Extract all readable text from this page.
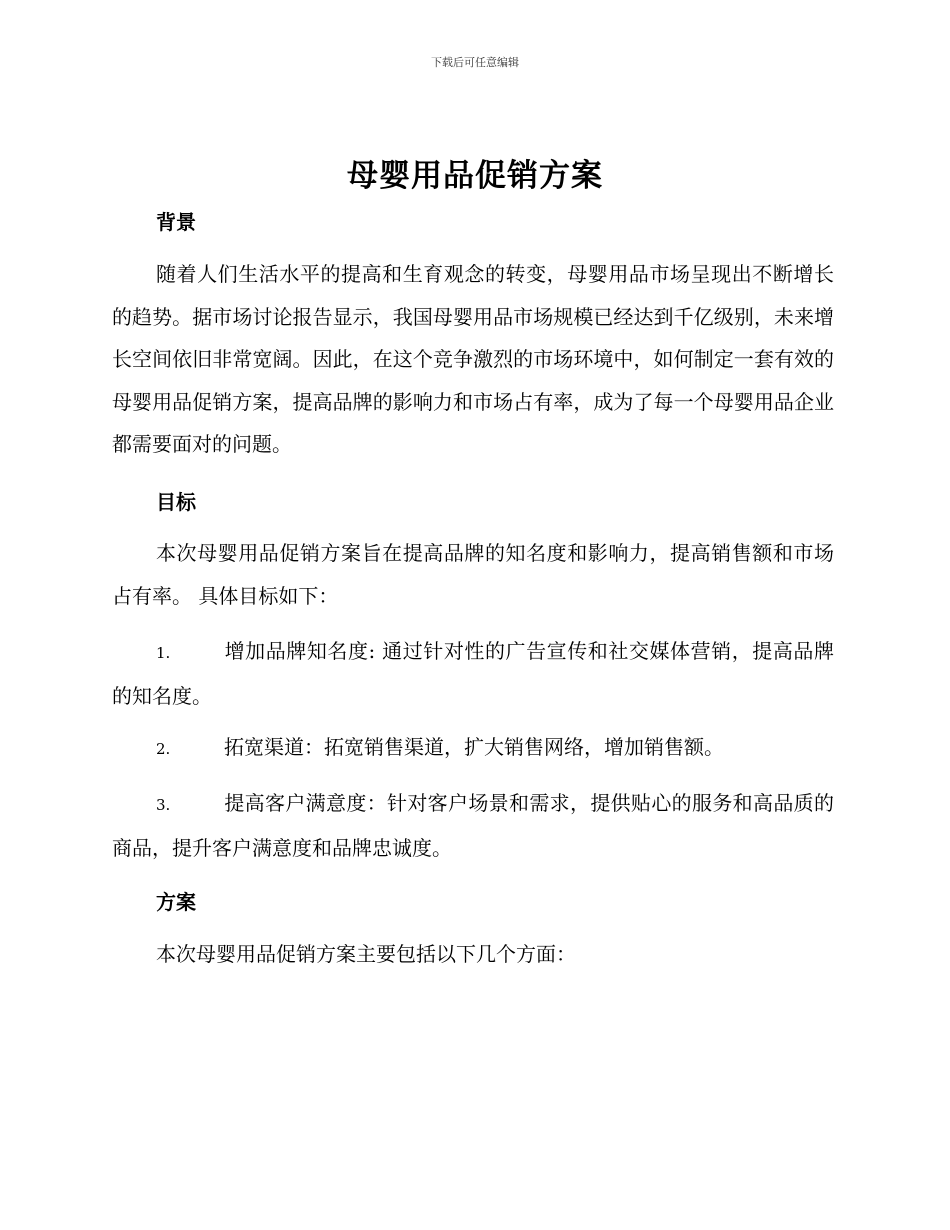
下载后可任意编辑
母婴用品促销方案
背景
随着人们生活水平的提高和生育观念的转变，母婴用品市场呈现出不断增长的趋势。据市场讨论报告显示，我国母婴用品市场规模已经达到千亿级别，未来增长空间依旧非常宽阔。因此，在这个竞争激烈的市场环境中，如何制定一套有效的母婴用品促销方案，提高品牌的影响力和市场占有率，成为了每一个母婴用品企业都需要面对的问题。
目标
本次母婴用品促销方案旨在提高品牌的知名度和影响力，提高销售额和市场占有率。 具体目标如下：
1.	增加品牌知名度: 通过针对性的广告宣传和社交媒体营销，提高品牌的知名度。
2.	拓宽渠道：拓宽销售渠道，扩大销售网络，增加销售额。
3.	提高客户满意度：针对客户场景和需求，提供贴心的服务和高品质的商品，提升客户满意度和品牌忠诚度。
方案
本次母婴用品促销方案主要包括以下几个方面：
